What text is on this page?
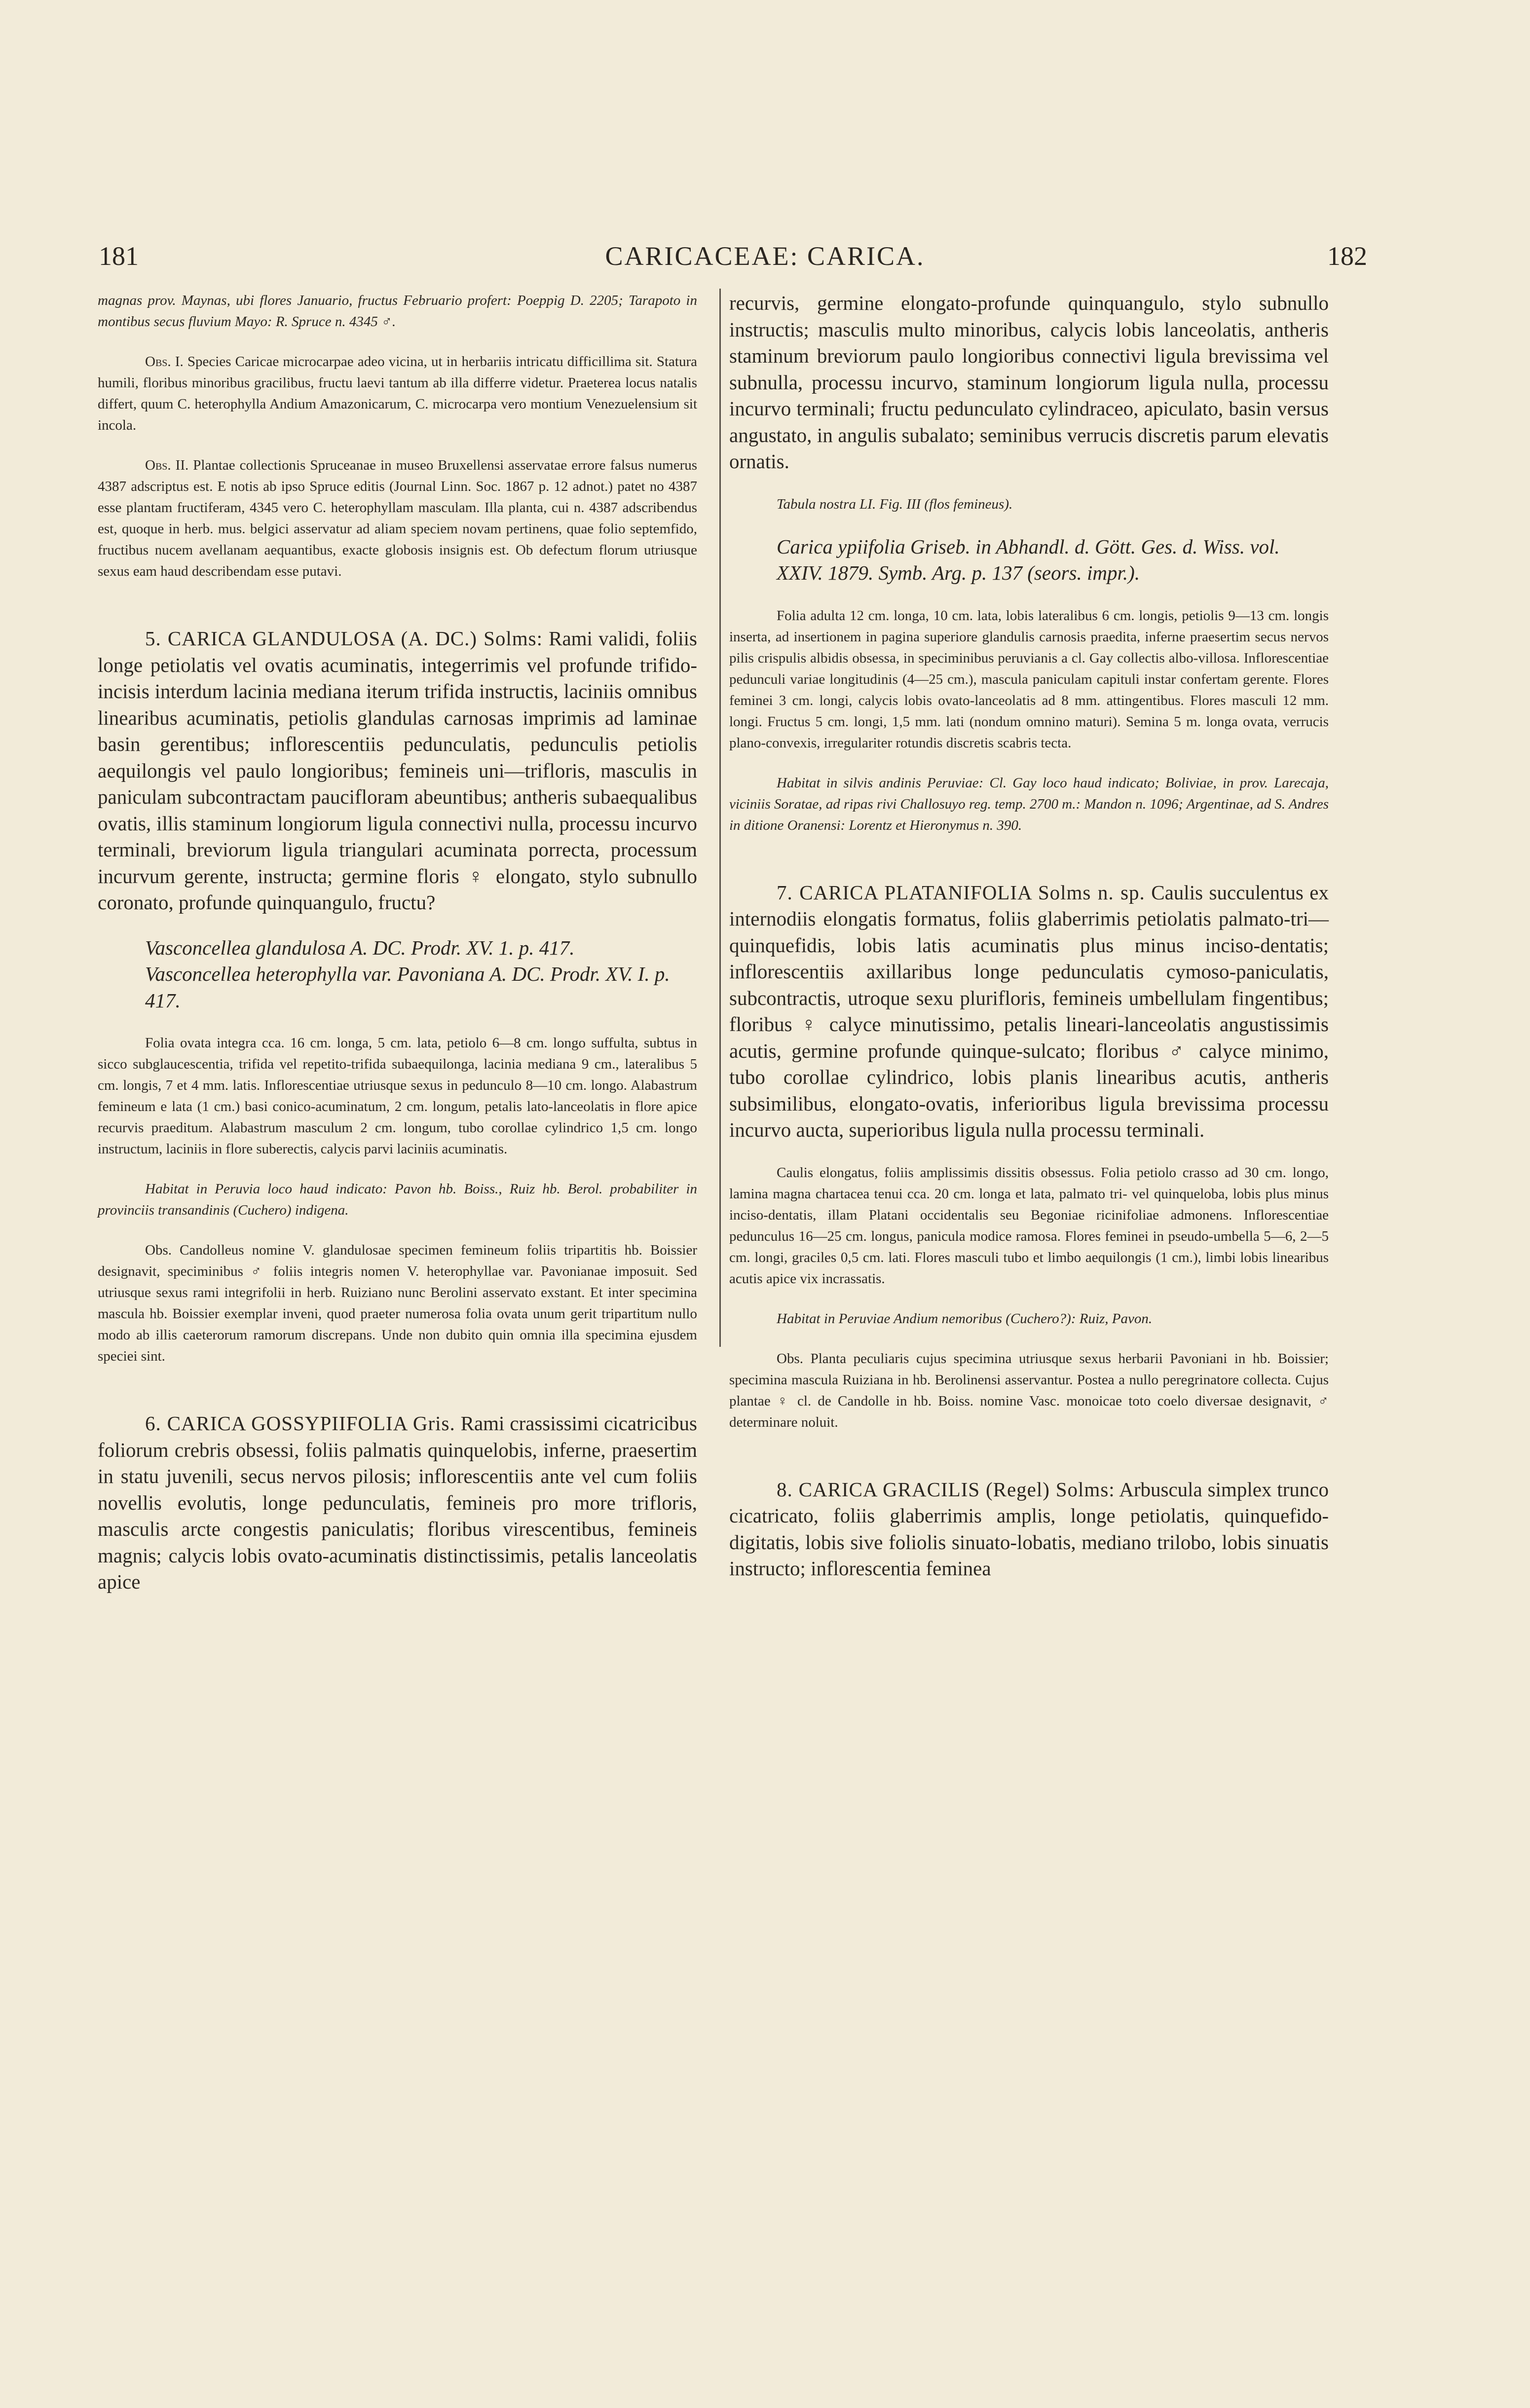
181	CARICACEAE: CARICA.	182

magnas prov. Maynas, ubi flores Januario, fructus Februario profert: Poeppig D. 2205; Tarapoto in montibus secus fluvium Mayo: R. Spruce n. 4345 ♂.

Obs. I. Species Caricae microcarpae adeo vicina, ut in herbariis intricatu difficillima sit. Statura humili, floribus minoribus gracilibus, fructu laevi tantum ab illa differre videtur. Praeterea locus natalis differt, quum C. heterophylla Andium Amazonicarum, C. microcarpa vero montium Venezuelensium sit incola.

Obs. II. Plantae collectionis Spruceanae in museo Bruxellensi asservatae errore falsus numerus 4387 adscriptus est. E notis ab ipso Spruce editis (Journal Linn. Soc. 1867 p. 12 adnot.) patet no 4387 esse plantam fructiferam, 4345 vero C. heterophyllam masculam. Illa planta, cui n. 4387 adscribendus est, quoque in herb. mus. belgici asservatur ad aliam speciem novam pertinens, quae folio septemfido, fructibus nucem avellanam aequantibus, exacte globosis insignis est. Ob defectum florum utriusque sexus eam haud describendam esse putavi.

5. CARICA GLANDULOSA (A. DC.) Solms: Rami validi, foliis longe petiolatis vel ovatis acuminatis, integerrimis vel profunde trifido-incisis interdum lacinia mediana iterum trifida instructis, laciniis omnibus linearibus acuminatis, petiolis glandulas carnosas imprimis ad laminae basin gerentibus; inflorescentiis pedunculatis, pedunculis petiolis aequilongis vel paulo longioribus; femineis uni—trifloris, masculis in paniculam subcontractam paucifloram abeuntibus; antheris subaequalibus ovatis, illis staminum longiorum ligula connectivi nulla, processu incurvo terminali, breviorum ligula triangulari acuminata porrecta, processum incurvum gerente, instructa; germine floris ♀ elongato, stylo subnullo coronato, profunde quinquangulo, fructu?

Vasconcellea glandulosa A. DC. Prodr. XV. 1. p. 417.

Vasconcellea heterophylla var. Pavoniana A. DC. Prodr. XV. I. p. 417.

Folia ovata integra cca. 16 cm. longa, 5 cm. lata, petiolo 6—8 cm. longo suffulta, subtus in sicco subglaucescentia, trifida vel repetito-trifida subaequilonga, lacinia mediana 9 cm., lateralibus 5 cm. longis, 7 et 4 mm. latis. Inflorescentiae utriusque sexus in pedunculo 8—10 cm. longo. Alabastrum femineum e lata (1 cm.) basi conico-acuminatum, 2 cm. longum, petalis lato-lanceolatis in flore apice recurvis praeditum. Alabastrum masculum 2 cm. longum, tubo corollae cylindrico 1,5 cm. longo instructum, laciniis in flore suberectis, calycis parvi laciniis acuminatis.

Habitat in Peruvia loco haud indicato: Pavon hb. Boiss., Ruiz hb. Berol. probabiliter in provinciis transandinis (Cuchero) indigena.

Obs. Candolleus nomine V. glandulosae specimen femineum foliis tripartitis hb. Boissier designavit, speciminibus ♂ foliis integris nomen V. heterophyllae var. Pavonianae imposuit. Sed utriusque sexus rami integrifolii in herb. Ruiziano nunc Berolini asservato exstant. Et inter specimina mascula hb. Boissier exemplar inveni, quod praeter numerosa folia ovata unum gerit tripartitum nullo modo ab illis caeterorum ramorum discrepans. Unde non dubito quin omnia illa specimina ejusdem speciei sint.

6. CARICA GOSSYPIIFOLIA Gris. Rami crassissimi cicatricibus foliorum crebris obsessi, foliis palmatis quinquelobis, inferne, praesertim in statu juvenili, secus nervos pilosis; inflorescentiis ante vel cum foliis novellis evolutis, longe pedunculatis, femineis pro more trifloris, masculis arcte congestis paniculatis; floribus virescentibus, femineis magnis; calycis lobis ovato-acuminatis distinctissimis, petalis lanceolatis apice

recurvis, germine elongato-profunde quinquangulo, stylo subnullo instructis; masculis multo minoribus, calycis lobis lanceolatis, antheris staminum breviorum paulo longioribus connectivi ligula brevissima vel subnulla, processu incurvo, staminum longiorum ligula nulla, processu incurvo terminali; fructu pedunculato cylindraceo, apiculato, basin versus angustato, in angulis subalato; seminibus verrucis discretis parum elevatis ornatis.

Tabula nostra LI. Fig. III (flos femineus).

Carica ypiifolia Griseb. in Abhandl. d. Gött. Ges. d. Wiss. vol. XXIV. 1879. Symb. Arg. p. 137 (seors. impr.).

Folia adulta 12 cm. longa, 10 cm. lata, lobis lateralibus 6 cm. longis, petiolis 9—13 cm. longis inserta, ad insertionem in pagina superiore glandulis carnosis praedita, inferne praesertim secus nervos pilis crispulis albidis obsessa, in speciminibus peruvianis a cl. Gay collectis albo-villosa. Inflorescentiae pedunculi variae longitudinis (4—25 cm.), mascula paniculam capituli instar confertam gerente. Flores feminei 3 cm. longi, calycis lobis ovato-lanceolatis ad 8 mm. attingentibus. Flores masculi 12 mm. longi. Fructus 5 cm. longi, 1,5 mm. lati (nondum omnino maturi). Semina 5 m. longa ovata, verrucis plano-convexis, irregulariter rotundis discretis scabris tecta.

Habitat in silvis andinis Peruviae: Cl. Gay loco haud indicato; Boliviae, in prov. Larecaja, viciniis Soratae, ad ripas rivi Challosuyo reg. temp. 2700 m.: Mandon n. 1096; Argentinae, ad S. Andres in ditione Oranensi: Lorentz et Hieronymus n. 390.

7. CARICA PLATANIFOLIA Solms n. sp. Caulis succulentus ex internodiis elongatis formatus, foliis glaberrimis petiolatis palmato-tri—quinquefidis, lobis latis acuminatis plus minus inciso-dentatis; inflorescentiis axillaribus longe pedunculatis cymoso-paniculatis, subcontractis, utroque sexu plurifloris, femineis umbellulam fingentibus; floribus ♀ calyce minutissimo, petalis lineari-lanceolatis angustissimis acutis, germine profunde quinque-sulcato; floribus ♂ calyce minimo, tubo corollae cylindrico, lobis planis linearibus acutis, antheris subsimilibus, elongato-ovatis, inferioribus ligula brevissima processu incurvo aucta, superioribus ligula nulla processu terminali.

Caulis elongatus, foliis amplissimis dissitis obsessus. Folia petiolo crasso ad 30 cm. longo, lamina magna chartacea tenui cca. 20 cm. longa et lata, palmato tri- vel quinqueloba, lobis plus minus inciso-dentatis, illam Platani occidentalis seu Begoniae ricinifoliae admonens. Inflorescentiae pedunculus 16—25 cm. longus, panicula modice ramosa. Flores feminei in pseudo-umbella 5—6, 2—5 cm. longi, graciles 0,5 cm. lati. Flores masculi tubo et limbo aequilongis (1 cm.), limbi lobis linearibus acutis apice vix incrassatis.

Habitat in Peruviae Andium nemoribus (Cuchero?): Ruiz, Pavon.

Obs. Planta peculiaris cujus specimina utriusque sexus herbarii Pavoniani in hb. Boissier; specimina mascula Ruiziana in hb. Berolinensi asservantur. Postea a nullo peregrinatore collecta. Cujus plantae ♀ cl. de Candolle in hb. Boiss. nomine Vasc. monoicae toto coelo diversae designavit, ♂ determinare noluit.

8. CARICA GRACILIS (Regel) Solms: Arbuscula simplex trunco cicatricato, foliis glaberrimis amplis, longe petiolatis, quinquefido-digitatis, lobis sive foliolis sinuato-lobatis, mediano trilobo, lobis sinuatis instructo; inflorescentia feminea
